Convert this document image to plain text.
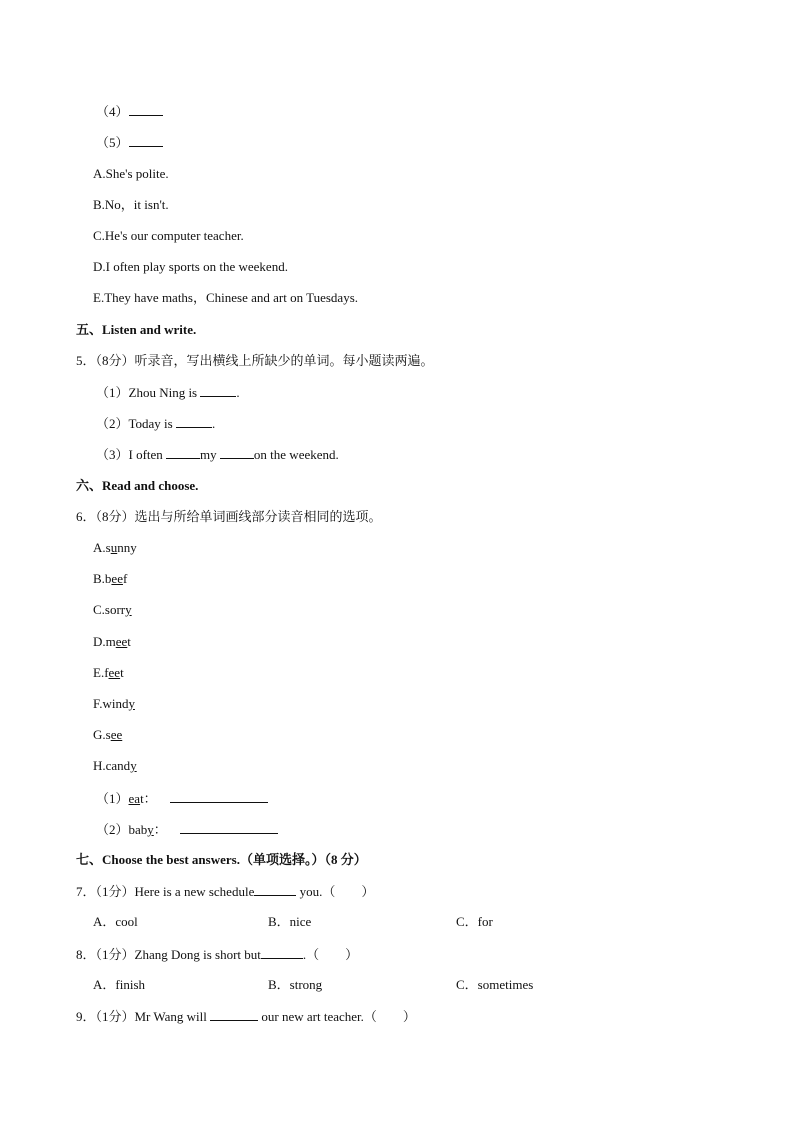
（4）
（5）
A.She's polite.
B.No，it isn't.
C.He's our computer teacher.
D.I often play sports on the weekend.
E.They have maths，Chinese and art on Tuesdays.
五、Listen and write.
5．（8分）听录音，写出横线上所缺少的单词。每小题读两遍。
（1）Zhou Ning is	.
（2）Today is	.
（3）I often	my	on the weekend.
六、Read and choose.
6．（8分）选出与所给单词画线部分读音相同的选项。
A.sunny
B.beef
C.sorry
D.meet
E.feet
F.windy
G.see
H.candy
（1）eat：
（2）baby：
七、Choose the best answers.（单项选择。）（8 分）
7．（1分）Here is a new schedule	you.（　　）
A．cool	B．nice	C．for
8．（1分）Zhang Dong is short but	.（　　）
A．finish	B．strong	C．sometimes
9．（1分）Mr Wang will	our new art teacher.（　　）
